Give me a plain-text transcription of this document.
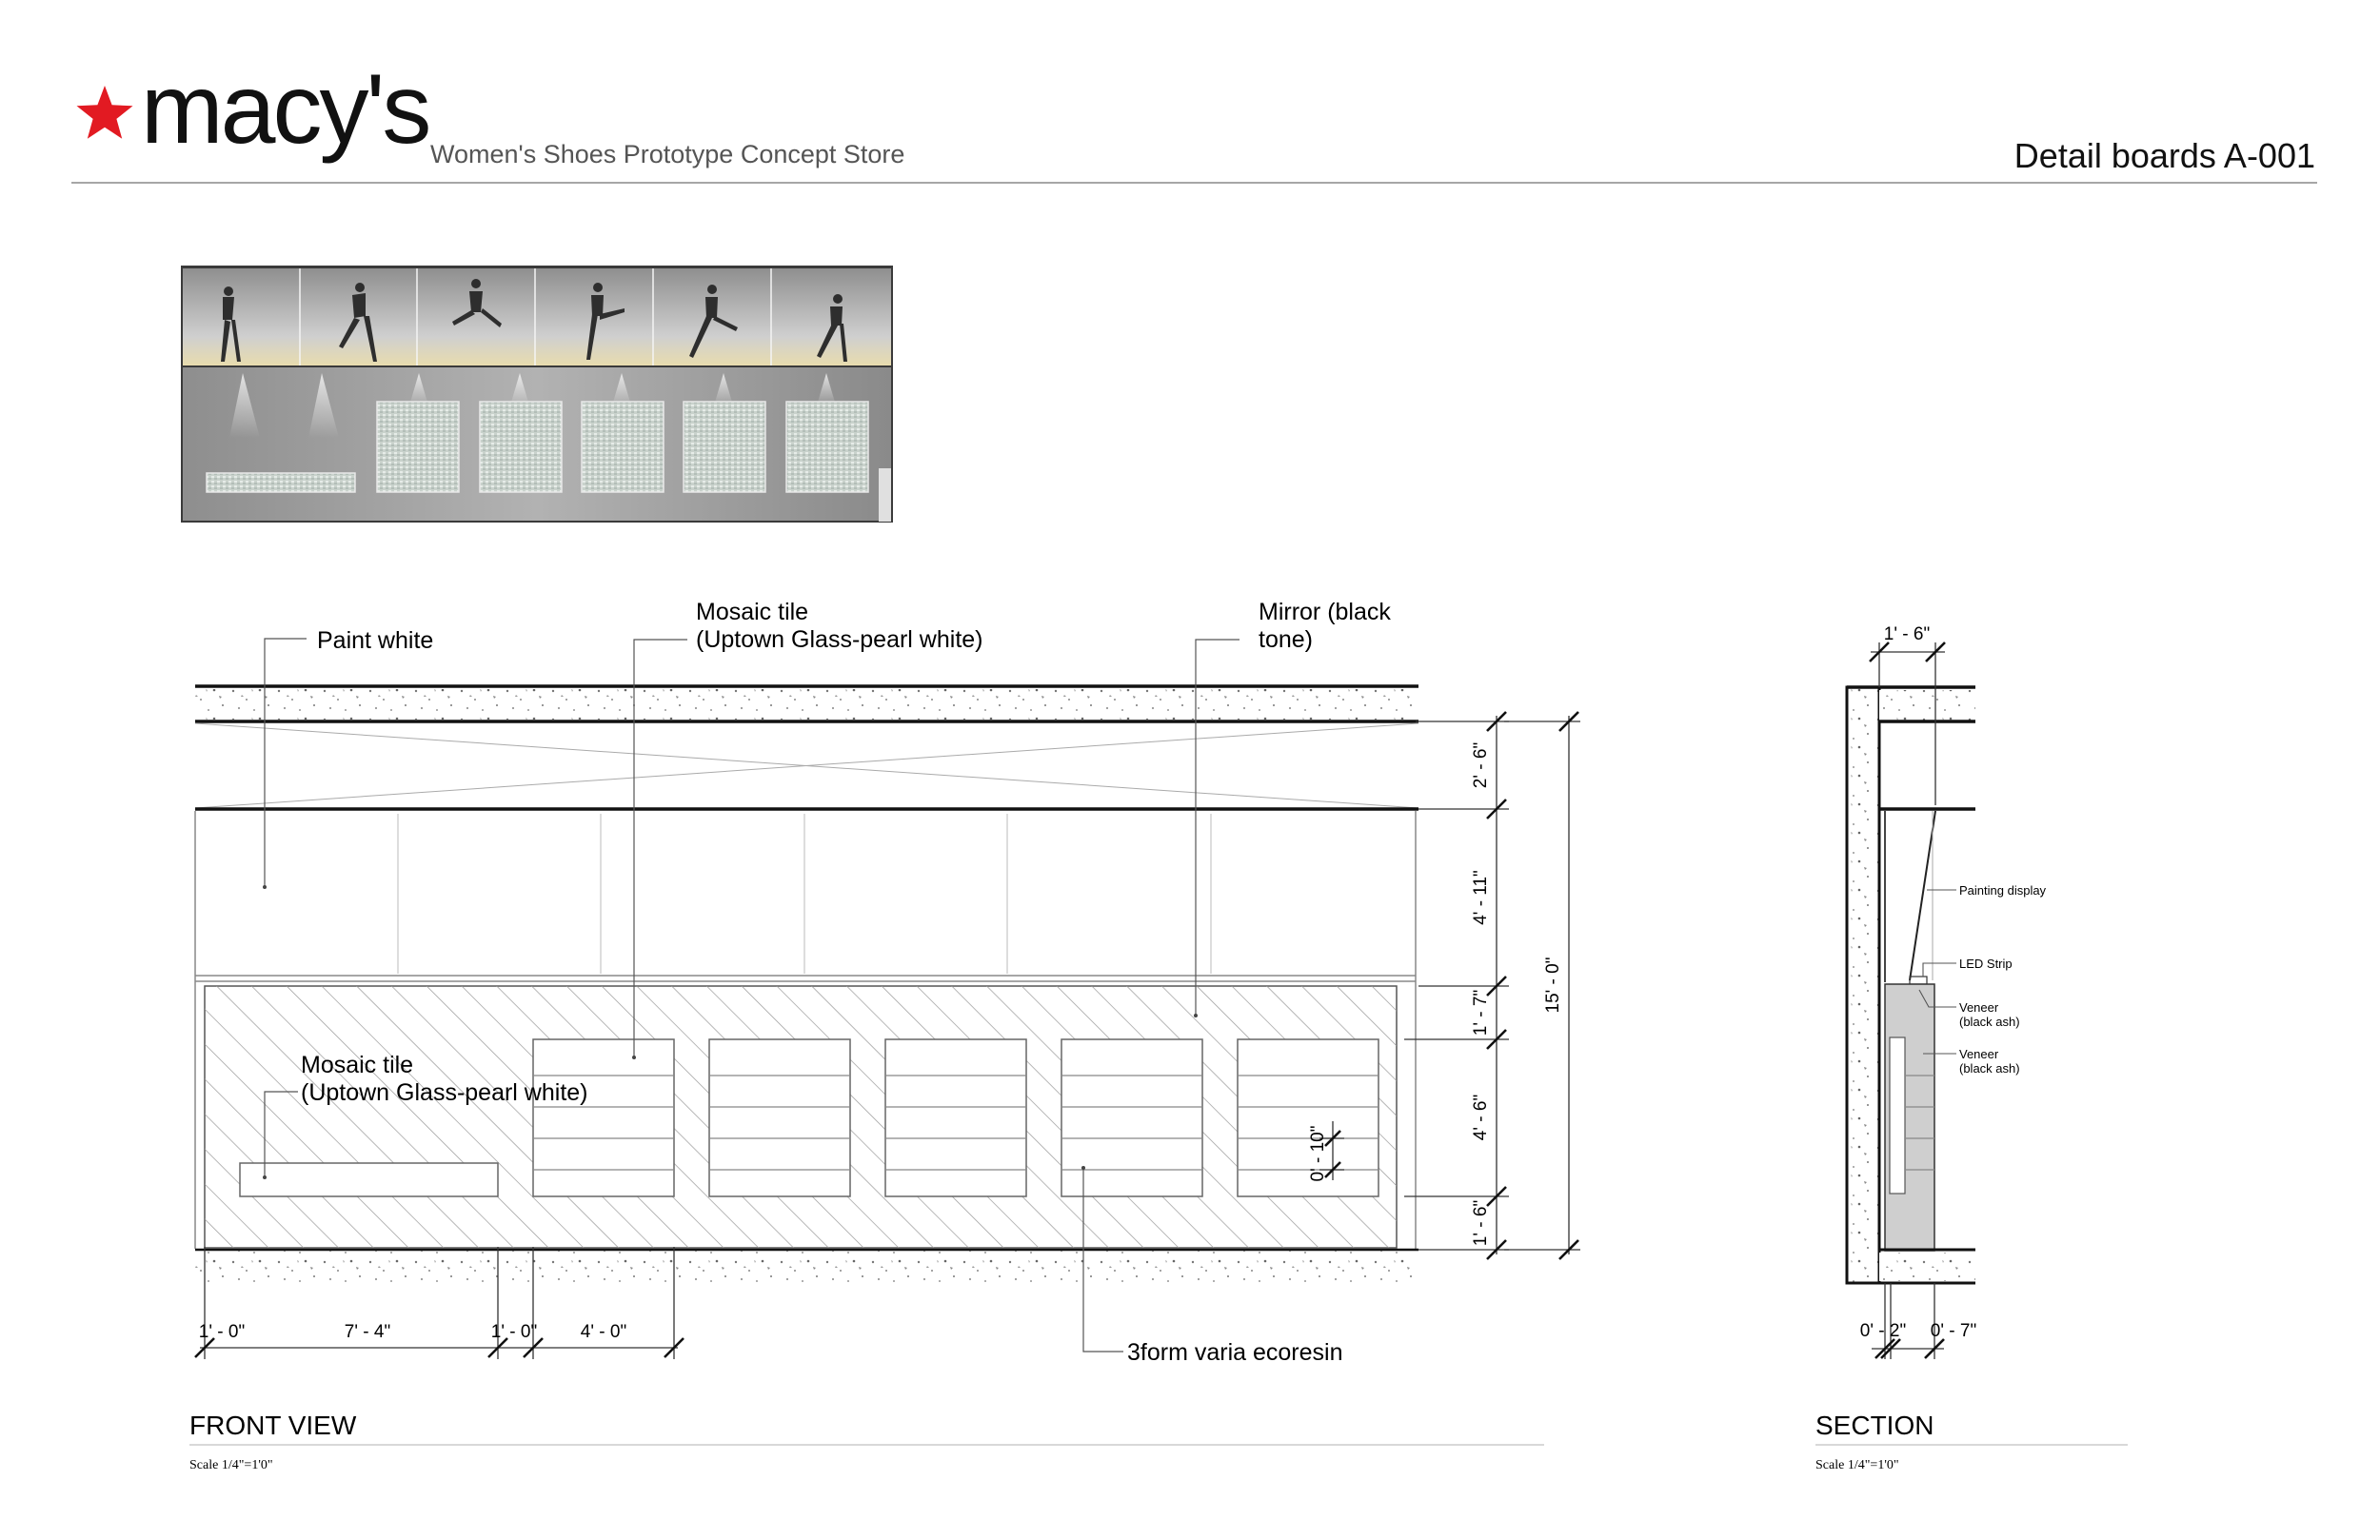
macy's Women's Shoes Prototype Concept Store	Detail boards A-001
Paint white
Mosaic tile
(Uptown Glass-pearl white)
Mirror (black
tone)
Mosaic tile
(Uptown Glass-pearl white)
3form varia ecoresin
2' - 6"
4' - 11"
1' - 7"
4' - 6"
1' - 6"
15' - 0"
0' - 10"
1' - 0"	7' - 4"	1' - 0" 4' - 0"
FRONT VIEW
Scale 1/4"=1'0"
Painting display
LED Strip
Veneer
(black ash)
Veneer
(black ash)
1' - 6"
0' - 2" 0' - 7"
SECTION
Scale 1/4"=1'0"
